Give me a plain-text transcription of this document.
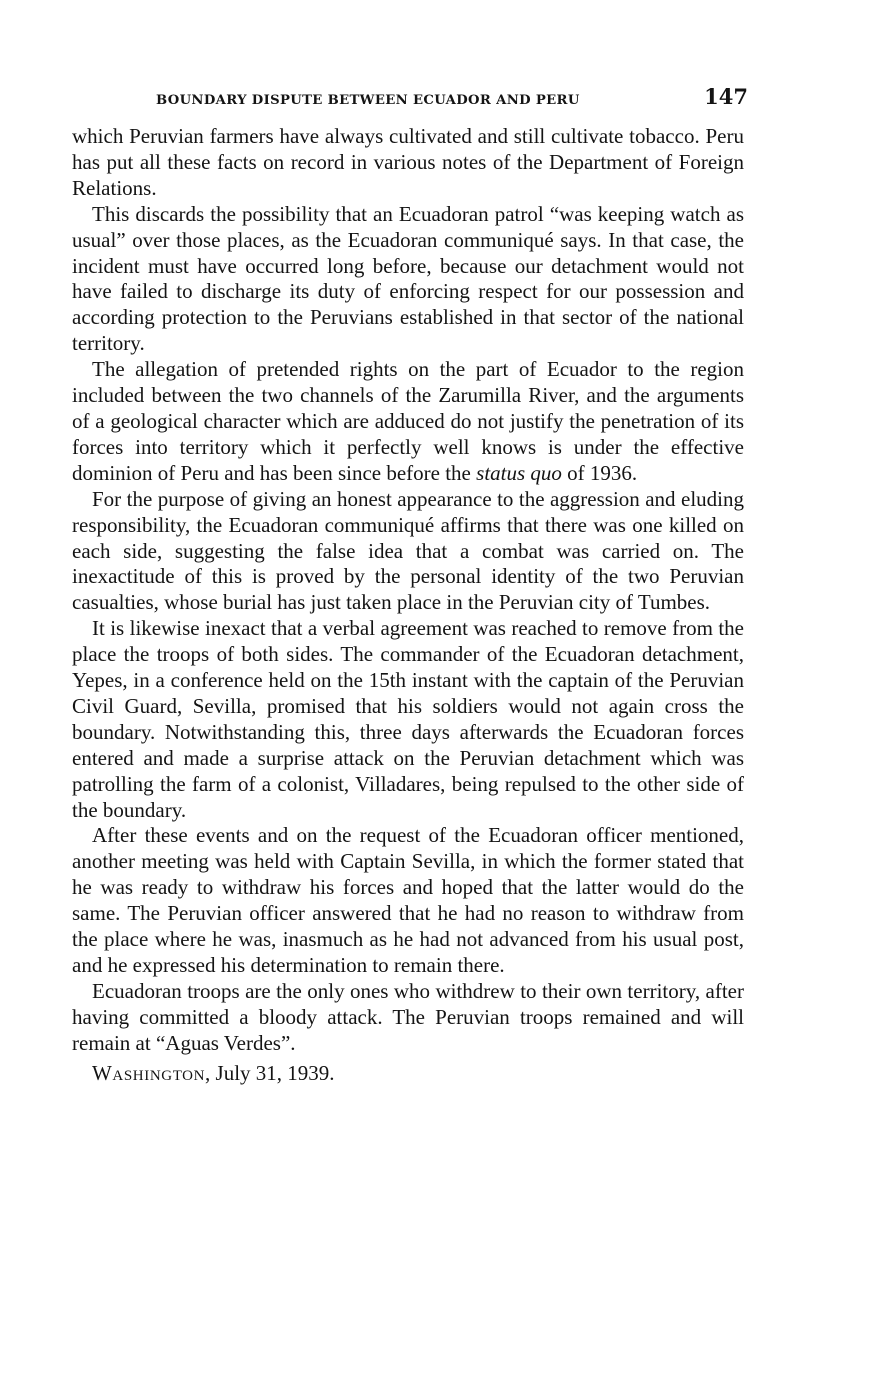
BOUNDARY DISPUTE BETWEEN ECUADOR AND PERU	147

which Peruvian farmers have always cultivated and still cultivate tobacco. Peru has put all these facts on record in various notes of the Department of Foreign Relations.

This discards the possibility that an Ecuadoran patrol “was keeping watch as usual” over those places, as the Ecuadoran communiqué says. In that case, the incident must have occurred long before, because our detachment would not have failed to discharge its duty of enforcing respect for our possession and according protection to the Peruvians established in that sector of the national territory.

The allegation of pretended rights on the part of Ecuador to the region included between the two channels of the Zarumilla River, and the arguments of a geological character which are adduced do not justify the penetration of its forces into territory which it perfectly well knows is under the effective dominion of Peru and has been since before the status quo of 1936.

For the purpose of giving an honest appearance to the aggression and eluding responsibility, the Ecuadoran communiqué affirms that there was one killed on each side, suggesting the false idea that a combat was carried on. The inexactitude of this is proved by the personal identity of the two Peruvian casualties, whose burial has just taken place in the Peruvian city of Tumbes.

It is likewise inexact that a verbal agreement was reached to remove from the place the troops of both sides. The commander of the Ecuadoran detachment, Yepes, in a conference held on the 15th instant with the captain of the Peruvian Civil Guard, Sevilla, promised that his soldiers would not again cross the boundary. Notwithstanding this, three days afterwards the Ecuadoran forces entered and made a surprise attack on the Peruvian detachment which was patrolling the farm of a colonist, Villadares, being repulsed to the other side of the boundary.

After these events and on the request of the Ecuadoran officer mentioned, another meeting was held with Captain Sevilla, in which the former stated that he was ready to withdraw his forces and hoped that the latter would do the same. The Peruvian officer answered that he had no reason to withdraw from the place where he was, inasmuch as he had not advanced from his usual post, and he expressed his determination to remain there.

Ecuadoran troops are the only ones who withdrew to their own territory, after having committed a bloody attack. The Peruvian troops remained and will remain at “Aguas Verdes”.

Washington, July 31, 1939.
